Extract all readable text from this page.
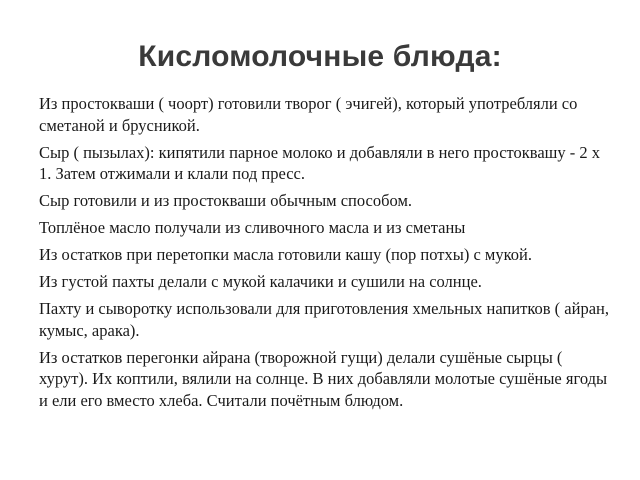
Кисломолочные блюда:

Из простокваши ( чоорт) готовили творог ( эчигей), который употребляли со сметаной и брусникой.

Сыр ( пызылах): кипятили парное молоко и добавляли в него простоквашу - 2 х 1. Затем отжимали и клали под пресс.

Сыр готовили и из простокваши обычным способом.

Топлёное масло получали из сливочного масла и из сметаны

Из остатков при перетопки масла готовили кашу (пор потхы) с мукой.

Из густой пахты делали с мукой калачики и сушили на солнце.

Пахту и сыворотку использовали для приготовления хмельных напитков ( айран, кумыс, арака).

Из остатков перегонки айрана (творожной гущи) делали сушёные сырцы ( хурут). Их коптили, вялили на солнце. В них добавляли молотые сушёные ягоды и ели его вместо хлеба. Считали почётным блюдом.
